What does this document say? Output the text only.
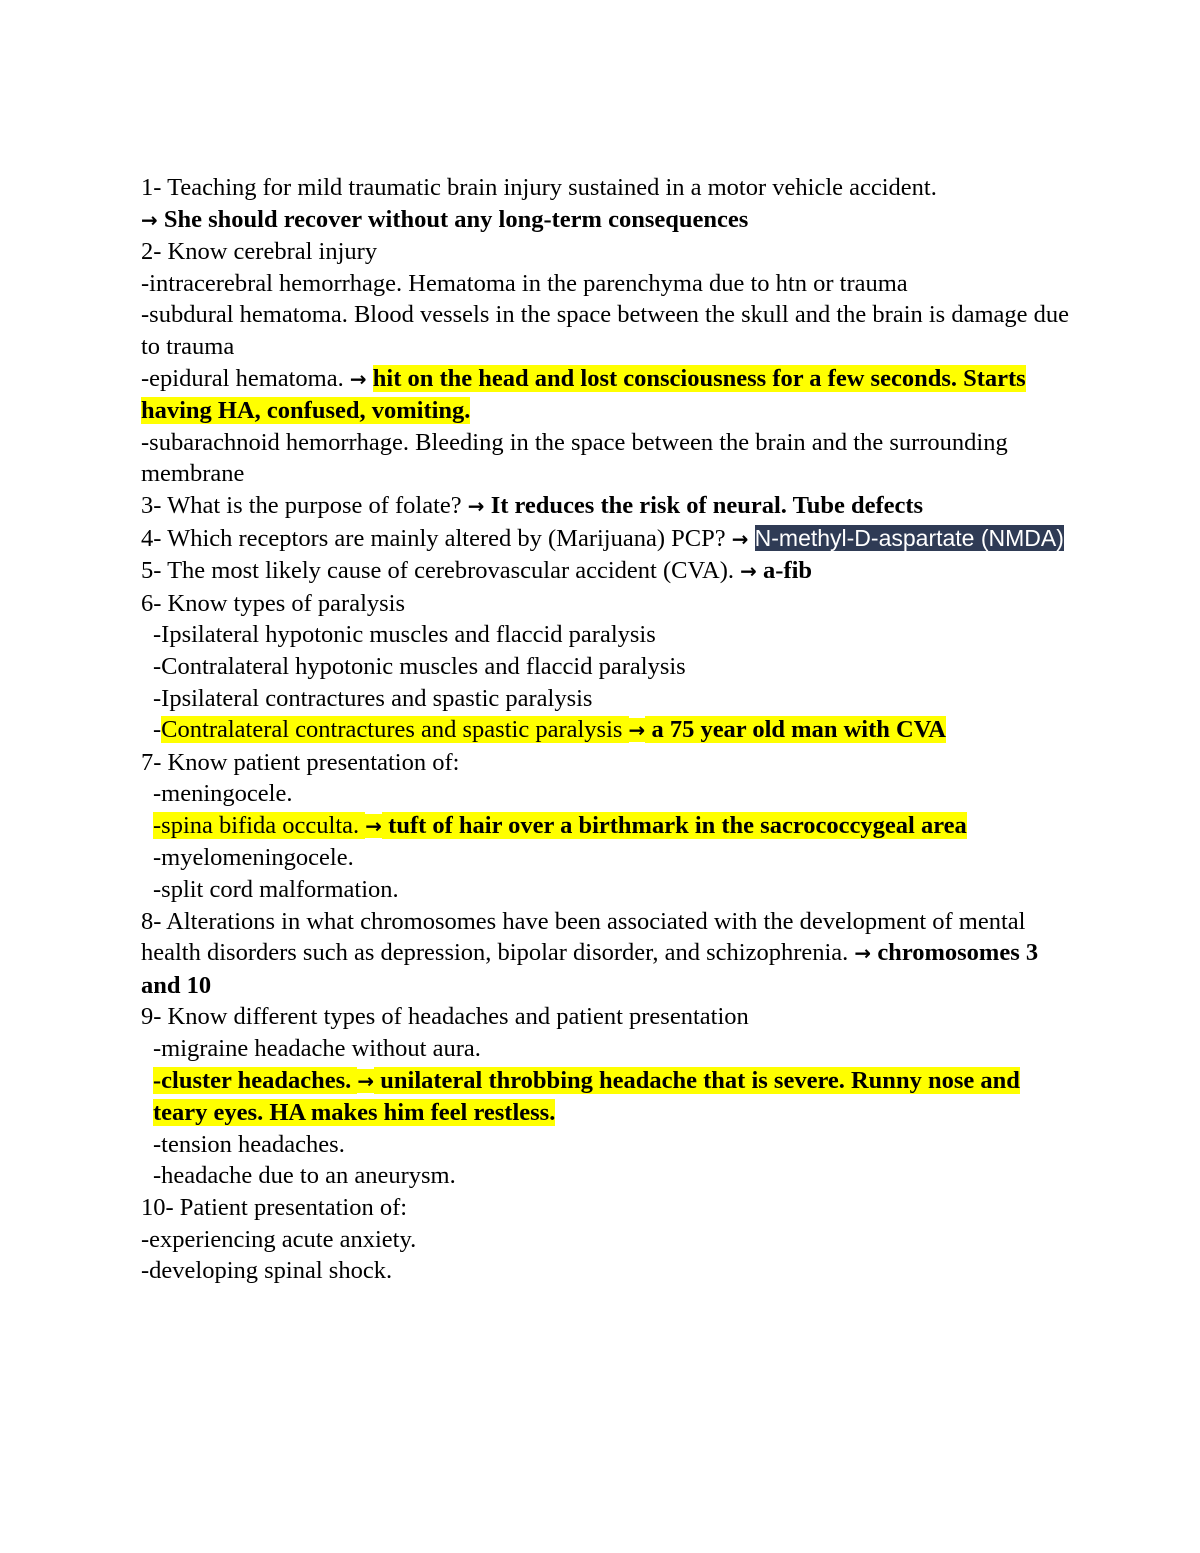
1- Teaching for mild traumatic brain injury sustained in a motor vehicle accident.

→ She should recover without any long-term consequences

2- Know cerebral injury

-intracerebral hemorrhage. Hematoma in the parenchyma due to htn or trauma

-subdural hematoma. Blood vessels in the space between the skull and the brain is damage due to trauma

-epidural hematoma. → hit on the head and lost consciousness for a few seconds. Starts having HA, confused, vomiting.

-subarachnoid hemorrhage. Bleeding in the space between the brain and the surrounding membrane

3- What is the purpose of folate? → It reduces the risk of neural. Tube defects

4- Which receptors are mainly altered by (Marijuana) PCP? → N-methyl-D-aspartate (NMDA)

5- The most likely cause of cerebrovascular accident (CVA). → a-fib

6- Know types of paralysis

-Ipsilateral hypotonic muscles and flaccid paralysis

-Contralateral hypotonic muscles and flaccid paralysis

-Ipsilateral contractures and spastic paralysis

-Contralateral contractures and spastic paralysis → a 75 year old man with CVA

7- Know patient presentation of:

-meningocele.

-spina bifida occulta. → tuft of hair over a birthmark in the sacrococcygeal area

-myelomeningocele.

-split cord malformation.

8- Alterations in what chromosomes have been associated with the development of mental health disorders such as depression, bipolar disorder, and schizophrenia. → chromosomes 3 and 10

9- Know different types of headaches and patient presentation

-migraine headache without aura.

-cluster headaches. → unilateral throbbing headache that is severe. Runny nose and teary eyes. HA makes him feel restless.

-tension headaches.

-headache due to an aneurysm.

10- Patient presentation of:

-experiencing acute anxiety.

-developing spinal shock.
